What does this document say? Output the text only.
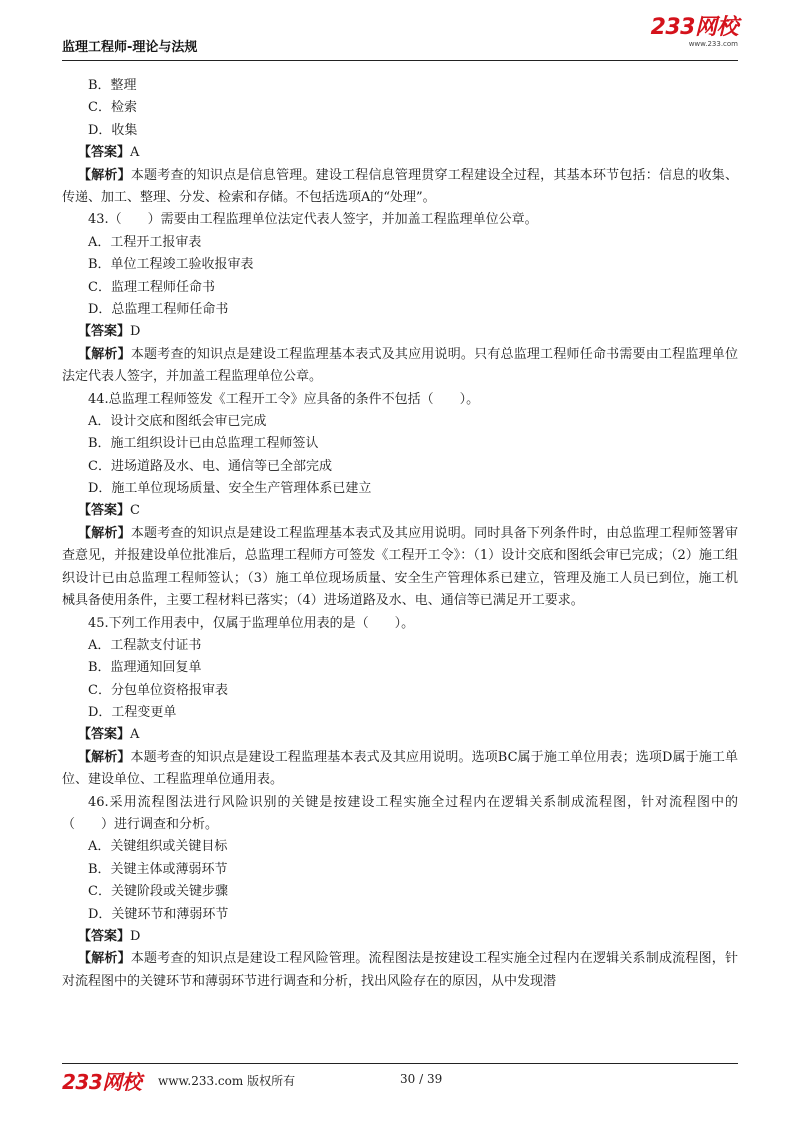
监理工程师-理论与法规
233网校
www.233.com
B．整理
C．检索
D．收集
【答案】A
【解析】本题考查的知识点是信息管理。建设工程信息管理贯穿工程建设全过程，其基本环节包括：信息的收集、传递、加工、整理、分发、检索和存储。不包括选项A的“处理”。
43.（　　）需要由工程监理单位法定代表人签字，并加盖工程监理单位公章。
A．工程开工报审表
B．单位工程竣工验收报审表
C．监理工程师任命书
D．总监理工程师任命书
【答案】D
【解析】本题考查的知识点是建设工程监理基本表式及其应用说明。只有总监理工程师任命书需要由工程监理单位法定代表人签字，并加盖工程监理单位公章。
44.总监理工程师签发《工程开工令》应具备的条件不包括（　　）。
A．设计交底和图纸会审已完成
B．施工组织设计已由总监理工程师签认
C．进场道路及水、电、通信等已全部完成
D．施工单位现场质量、安全生产管理体系已建立
【答案】C
【解析】本题考查的知识点是建设工程监理基本表式及其应用说明。同时具备下列条件时，由总监理工程师签署审查意见，并报建设单位批准后，总监理工程师方可签发《工程开工令》：（1）设计交底和图纸会审已完成；（2）施工组织设计已由总监理工程师签认；（3）施工单位现场质量、安全生产管理体系已建立，管理及施工人员已到位，施工机械具备使用条件，主要工程材料已落实；（4）进场道路及水、电、通信等已满足开工要求。
45.下列工作用表中，仅属于监理单位用表的是（　　）。
A．工程款支付证书
B．监理通知回复单
C．分包单位资格报审表
D．工程变更单
【答案】A
【解析】本题考查的知识点是建设工程监理基本表式及其应用说明。选项BC属于施工单位用表；选项D属于施工单位、建设单位、工程监理单位通用表。
46.采用流程图法进行风险识别的关键是按建设工程实施全过程内在逻辑关系制成流程图，针对流程图中的（　　）进行调查和分析。
A．关键组织或关键目标
B．关键主体或薄弱环节
C．关键阶段或关键步骤
D．关键环节和薄弱环节
【答案】D
【解析】本题考查的知识点是建设工程风险管理。流程图法是按建设工程实施全过程内在逻辑关系制成流程图，针对流程图中的关键环节和薄弱环节进行调查和分析，找出风险存在的原因，从中发现潜
233网校 www.233.com 版权所有	30 / 39
